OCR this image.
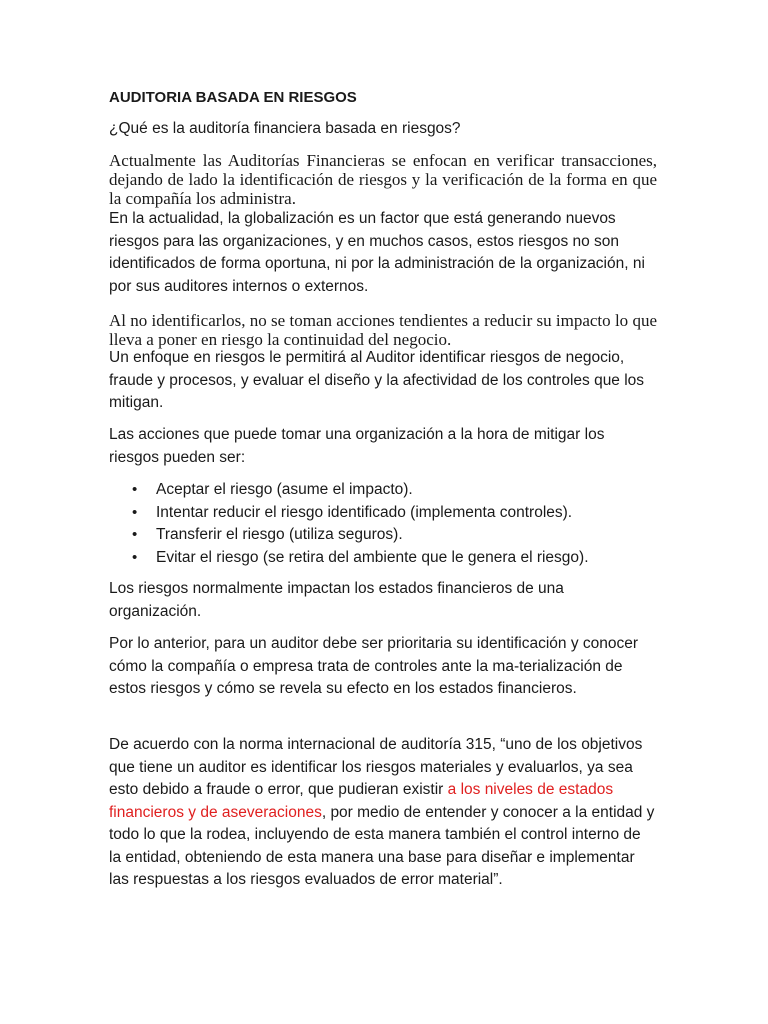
AUDITORIA BASADA EN RIESGOS

¿Qué es la auditoría financiera basada en riesgos?

Actualmente las Auditorías Financieras se enfocan en verificar transacciones, dejando de lado la identificación de riesgos y la verificación de la forma en que la compañía los administra.

En la actualidad, la globalización es un factor que está generando nuevos riesgos para las organizaciones, y en muchos casos, estos riesgos no son identificados de forma oportuna, ni por la administración de la organización, ni por sus auditores internos o externos.

Al no identificarlos, no se toman acciones tendientes a reducir su impacto lo que lleva a poner en riesgo la continuidad del negocio.

Un enfoque en riesgos le permitirá al Auditor identificar riesgos de negocio, fraude y procesos, y evaluar el diseño y la afectividad de los controles que los mitigan.

Las acciones que puede tomar una organización a la hora de mitigar los riesgos pueden ser:

• Aceptar el riesgo (asume el impacto).
• Intentar reducir el riesgo identificado (implementa controles).
• Transferir el riesgo (utiliza seguros).
• Evitar el riesgo (se retira del ambiente que le genera el riesgo).

Los riesgos normalmente impactan los estados financieros de una organización.

Por lo anterior, para un auditor debe ser prioritaria su identificación y conocer cómo la compañía o empresa trata de controles ante la ma-terialización de estos riesgos y cómo se revela su efecto en los estados financieros.

De acuerdo con la norma internacional de auditoría 315, “uno de los objetivos que tiene un auditor es identificar los riesgos materiales y evaluarlos, ya sea esto debido a fraude o error, que pudieran existir a los niveles de estados financieros y de aseveraciones, por medio de entender y conocer a la entidad y todo lo que la rodea, incluyendo de esta manera también el control interno de la entidad, obteniendo de esta manera una base para diseñar e implementar las respuestas a los riesgos evaluados de error material”.
